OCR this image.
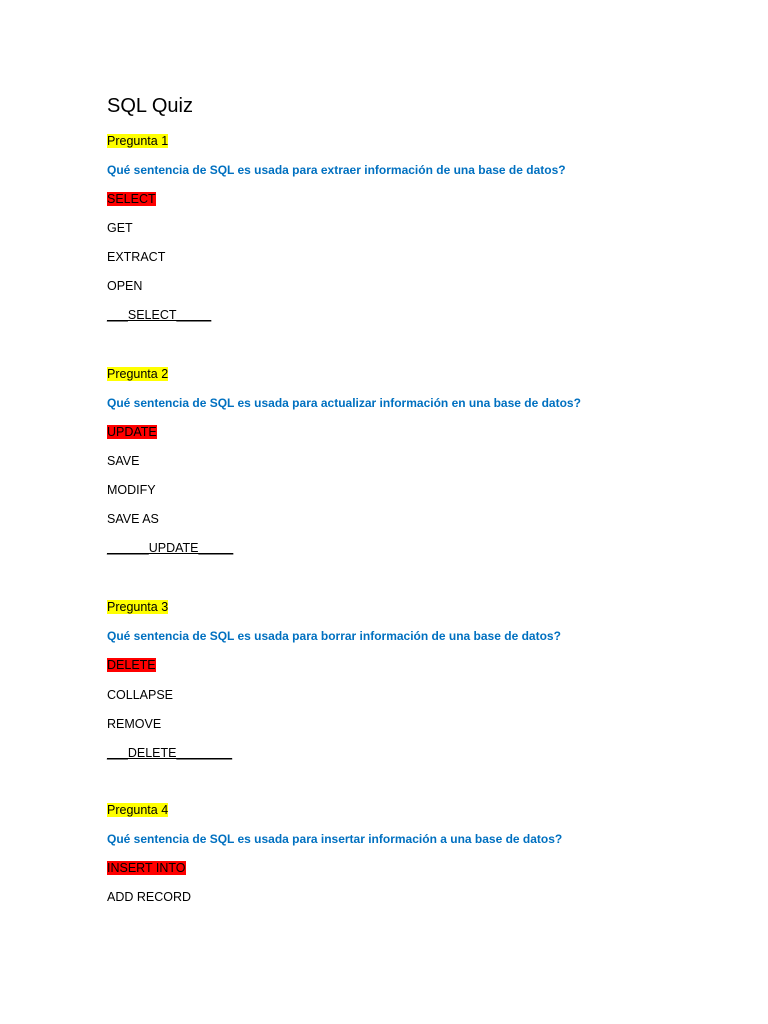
SQL Quiz
Pregunta 1
Qué sentencia de SQL es usada para extraer información de una base de datos?
SELECT
GET
EXTRACT
OPEN
___SELECT_____
Pregunta 2
Qué sentencia de SQL es usada para actualizar información en una base de datos?
UPDATE
SAVE
MODIFY
SAVE AS
______UPDATE_____
Pregunta 3
Qué sentencia de SQL es usada para borrar información de una base de datos?
DELETE
COLLAPSE
REMOVE
___DELETE________
Pregunta 4
Qué sentencia de SQL es usada para insertar información a una base de datos?
INSERT INTO
ADD RECORD
